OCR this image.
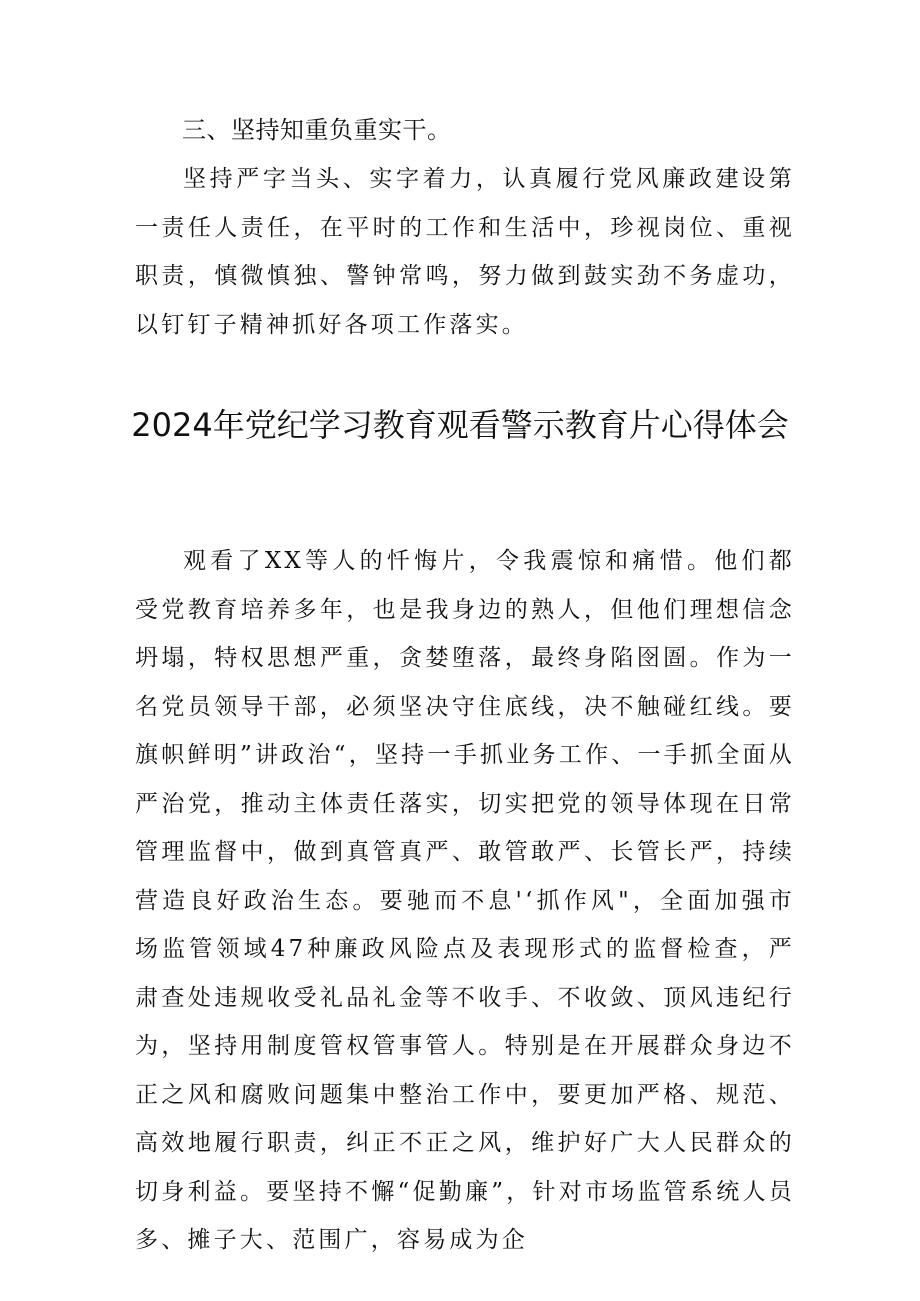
三、坚持知重负重实干。

坚持严字当头、实字着力，认真履行党风廉政建设第一责任人责任，在平时的工作和生活中，珍视岗位、重视职责，慎微慎独、警钟常鸣，努力做到鼓实劲不务虚功，以钉钉子精神抓好各项工作落实。

2024年党纪学习教育观看警示教育片心得体会

观看了XX等人的忏悔片，令我震惊和痛惜。他们都受党教育培养多年，也是我身边的熟人，但他们理想信念坍塌，特权思想严重，贪婪堕落，最终身陷囹圄。作为一名党员领导干部，必须坚决守住底线，决不触碰红线。要旗帜鲜明”讲政治“，坚持一手抓业务工作、一手抓全面从严治党，推动主体责任落实，切实把党的领导体现在日常管理监督中，做到真管真严、敢管敢严、长管长严，持续营造良好政治生态。要驰而不息'‘抓作风"，全面加强市场监管领域47种廉政风险点及表现形式的监督检查，严肃查处违规收受礼品礼金等不收手、不收敛、顶风违纪行为，坚持用制度管权管事管人。特别是在开展群众身边不正之风和腐败问题集中整治工作中，要更加严格、规范、高效地履行职责，纠正不正之风，维护好广大人民群众的切身利益。要坚持不懈“促勤廉”，针对市场监管系统人员多、摊子大、范围广，容易成为企
